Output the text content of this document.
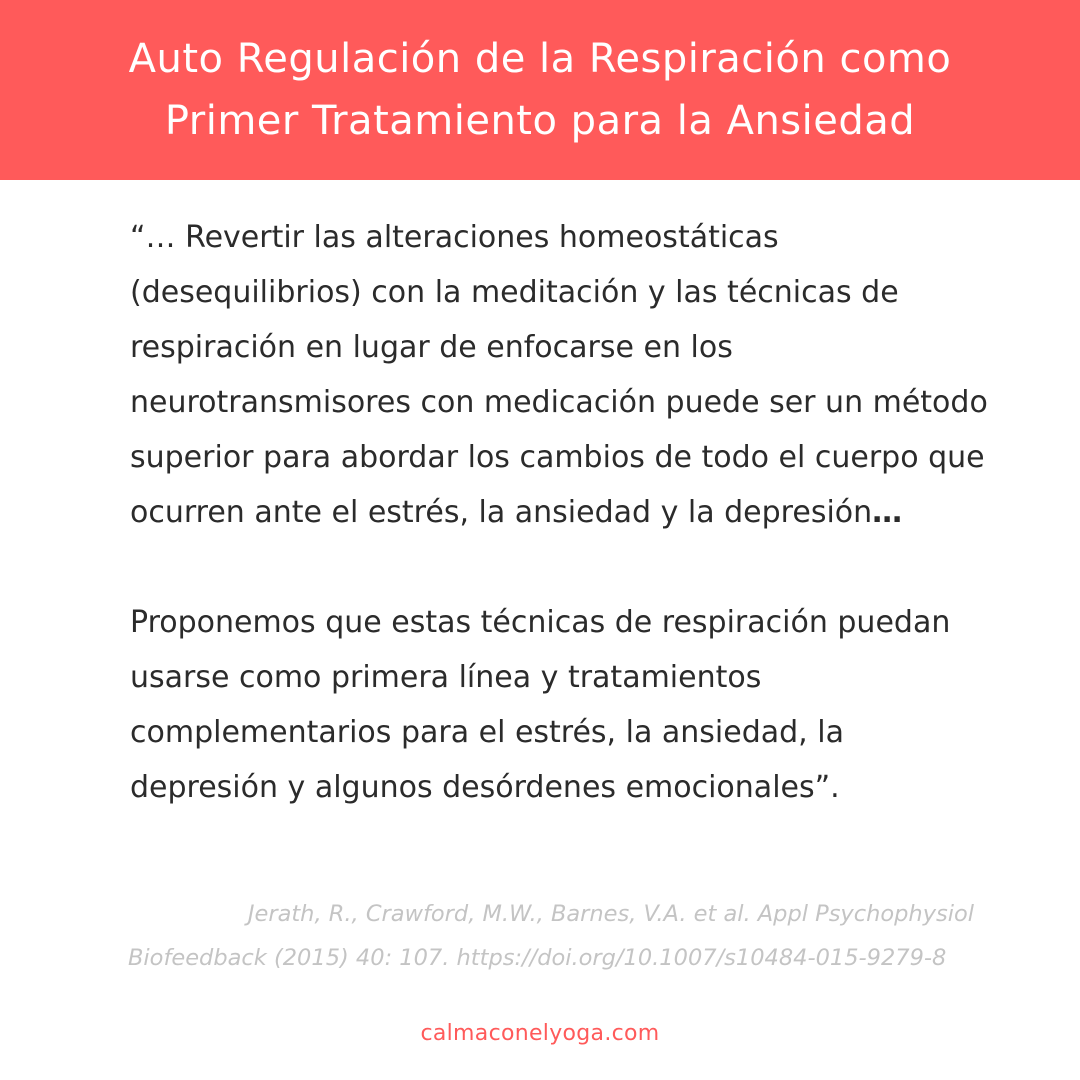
Auto Regulación de la Respiración como
Primer Tratamiento para la Ansiedad

“… Revertir las alteraciones homeostáticas (desequilibrios) con la meditación y las técnicas de respiración en lugar de enfocarse en los neurotransmisores con medicación puede ser un método superior para abordar los cambios de todo el cuerpo que ocurren ante el estrés, la ansiedad y la depresión…

Proponemos que estas técnicas de respiración puedan usarse como primera línea y tratamientos complementarios para el estrés, la ansiedad, la depresión y algunos desórdenes emocionales”.

Jerath, R., Crawford, M.W., Barnes, V.A. et al. Appl Psychophysiol
Biofeedback (2015) 40: 107. https://doi.org/10.1007/s10484-015-9279-8
calmaconelyoga.com
